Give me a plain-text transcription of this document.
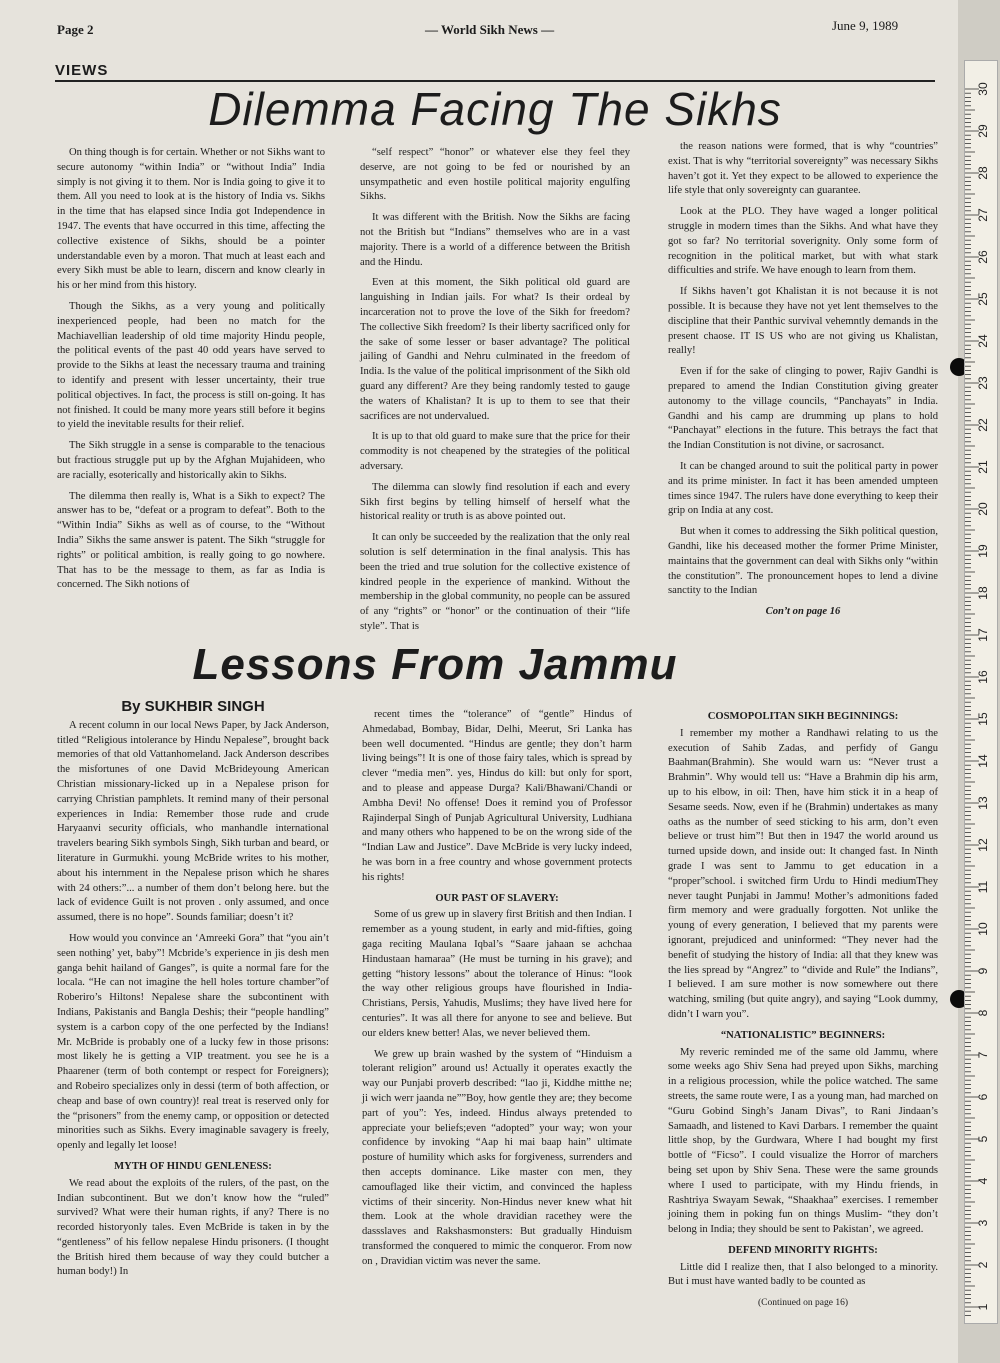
Page 2	— World Sikh News —	June 9, 1989
VIEWS
Dilemma Facing The Sikhs

On thing though is for certain. Whether or not Sikhs want to secure autonomy “within India” or “without India” India simply is not giving it to them. Nor is India going to give it to them. All you need to look at is the history of India vs. Sikhs in the time that has elapsed since India got Independence in 1947. The events that have occurred in this time, affecting the collective existence of Sikhs, should be a pointer understandable even by a moron. That much at least each and every Sikh must be able to learn, discern and know clearly in his or her mind from this history.

Though the Sikhs, as a very young and politically inexperienced people, had been no match for the Machiavellian leadership of old time majority Hindu people, the political events of the past 40 odd years have served to provide to the Sikhs at least the necessary trauma and training to identify and present with lesser uncertainty, their true political objectives. In fact, the process is still on-going. It has not finished. It could be many more years still before it begins to yield the inevitable results for their relief.

The Sikh struggle in a sense is comparable to the tenacious but fractious struggle put up by the Afghan Mujahideen, who are racially, esoterically and historically akin to Sikhs.

The dilemma then really is, What is a Sikh to expect? The answer has to be, “defeat or a program to defeat”. Both to the “Within India” Sikhs as well as of course, to the “Without India” Sikhs the same answer is patent. The Sikh “struggle for rights” or political ambition, is really going to go nowhere. That has to be the message to them, as far as India is concerned. The Sikh notions of

“self respect” “honor” or whatever else they feel they deserve, are not going to be fed or nourished by an unsympathetic and even hostile political majority engulfing Sikhs.

It was different with the British. Now the Sikhs are facing not the British but “Indians” themselves who are in a vast majority. There is a world of a difference between the British and the Hindu.

Even at this moment, the Sikh political old guard are languishing in Indian jails. For what? Is their ordeal by incarceration not to prove the love of the Sikh for freedom? The collective Sikh freedom? Is their liberty sacrificed only for the sake of some lesser or baser advantage? The political jailing of Gandhi and Nehru culminated in the freedom of India. Is the value of the political imprisonment of the Sikh old guard any different? Are they being randomly tested to gauge the waters of Khalistan? It is up to them to see that their sacrifices are not undervalued.

It is up to that old guard to make sure that the price for their commodity is not cheapened by the strategies of the political adversary.

The dilemma can slowly find resolution if each and every Sikh first begins by telling himself of herself what the historical reality or truth is as above pointed out.

It can only be succeeded by the realization that the only real solution is self determination in the final analysis. This has been the tried and true solution for the collective existence of kindred people in the experience of mankind. Without the membership in the global community, no people can be assured of any “rights” or “honor” or the continuation of their “life style”. That is

the reason nations were formed, that is why “countries” exist. That is why “territorial sovereignty” was necessary Sikhs haven’t got it. Yet they expect to be allowed to experience the life style that only sovereignty can guarantee.

Look at the PLO. They have waged a longer political struggle in modern times than the Sikhs. And what have they got so far? No territorial soverignity. Only some form of recognition in the political market, but with what stark difficulties and strife. We have enough to learn from them.

If Sikhs haven’t got Khalistan it is not because it is not possible. It is because they have not yet lent themselves to the discipline that their Panthic survival vehemntly demands in the present chaose. IT IS US who are not giving us Khalistan, really!

Even if for the sake of clinging to power, Rajiv Gandhi is prepared to amend the Indian Constitution giving greater autonomy to the village councils, “Panchayats” in India. Gandhi and his camp are drumming up plans to hold “Panchayat” elections in the future. This betrays the fact that the Indian Constitution is not divine, or sacrosanct.

It can be changed around to suit the political party in power and its prime minister. In fact it has been amended umpteen times since 1947. The rulers have done everything to keep their grip on India at any cost.

But when it comes to addressing the Sikh political question, Gandhi, like his deceased mother the former Prime Minister, maintains that the government can deal with Sikhs only “within the constitution”. The pronouncement hopes to lend a divine sanctity to the Indian

Con’t on page 16
Lessons From Jammu
By SUKHBIR SINGH

A recent column in our local News Paper, by Jack Anderson, titled “Religious intolerance by Hindu Nepalese”, brought back memories of that old Vattanhomeland. Jack Anderson describes the misfortunes of one David McBrideyoung American Christian missionary-licked up in a Nepalese prison for carrying Christian pamphlets. It remind many of their personal experiences in India: Remember those rude and crude Haryaanvi security officials, who manhandle international travelers bearing Sikh symbols Singh, Sikh turban and beard, or literature in Gurmukhi. young McBride writes to his mother, about his internment in the Nepalese prison which he shares with 24 others:”... a number of them don’t belong here. but the lack of evidence Guilt is not proven . only assumed, and once assumed, there is no hope”. Sounds familiar; doesn’t it?

How would you convince an ‘Amreeki Gora” that “you ain’t seen nothing’ yet, baby”! Mcbride’s experience in jis desh men ganga behit hailand of Ganges”, is quite a normal fare for the locala. “He can not imagine the hell holes torture chamber”of Roberiro’s Hiltons! Nepalese share the subcontinent with Indians, Pakistanis and Bangla Deshis; their “people handling” system is a carbon copy of the one perfected by the Indians! Mr. McBride is probably one of a lucky few in those prisons: most likely he is getting a VIP treatment. you see he is a Phaarener (term of both contempt or respect for Foreigners); and Robeiro specializes only in dessi (term of both affection, or cheap and base of own country)! real treat is reserved only for the “prisoners” from the enemy camp, or opposition or detected minorities such as Sikhs. Every imaginable savagery is freely, openly and legally let loose!

MYTH OF HINDU GENLENESS:

We read about the exploits of the rulers, of the past, on the Indian subcontinent. But we don’t know how the “ruled” survived? What were their human rights, if any? There is no recorded historyonly tales. Even McBride is taken in by the “gentleness” of his fellow nepalese Hindu prisoners. (I thought the British hired them because of way they could butcher a human body!) In

recent times the “tolerance” of “gentle” Hindus of Ahmedabad, Bombay, Bidar, Delhi, Meerut, Sri Lanka has been well documented. “Hindus are gentle; they don’t harm living beings”! It is one of those fairy tales, which is spread by clever “media men”. yes, Hindus do kill: but only for sport, and to please and appease Durga? Kali/Bhawani/Chandi or Ambha Devi! No offense! Does it remind you of Professor Rajinderpal Singh of Punjab Agricultural University, Ludhiana and many others who happened to be on the wrong side of the “Indian Law and Justice”. Dave McBride is very lucky indeed, he was born in a free country and whose government protects his rights!

OUR PAST OF SLAVERY:

Some of us grew up in slavery first British and then Indian. I remember as a young student, in early and mid-fifties, going gaga reciting Maulana Iqbal’s “Saare jahaan se achchaa Hindustaan hamaraa” (He must be turning in his grave); and getting “history lessons” about the tolerance of Hinus: “look the way other religious groups have flourished in India-Christians, Persis, Yahudis, Muslims; they have lived here for centuries”. It was all there for anyone to see and believe. But our elders knew better! Alas, we never believed them.

We grew up brain washed by the system of “Hinduism a tolerant religion” around us! Actually it operates exactly the way our Punjabi proverb described: “lao ji, Kiddhe mitthe ne; ji wich werr jaanda ne””Boy, how gentle they are; they become part of you”: Yes, indeed. Hindus always pretended to appreciate your beliefs;even “adopted” your way; won your confidence by invoking “Aap hi mai baap hain” ultimate posture of humility which asks for forgiveness, surrenders and then accepts dominance. Like master con men, they camouflaged like their victim, and convinced the hapless victims of their sincerity. Non-Hindus never knew what hit them. Look at the whole dravidian racethey were the dassslaves and Rakshasmonsters: But gradually Hinduism transformed the conquered to mimic the conqueror. From now on , Dravidian victim was never the same.

COSMOPOLITAN SIKH BEGINNINGS:

I remember my mother a Randhawi relating to us the execution of Sahib Zadas, and perfidy of Gangu Baahman(Brahmin). She would warn us: “Never trust a Brahmin”. Why would tell us: “Have a Brahmin dip his arm, up to his elbow, in oil: Then, have him stick it in a heap of Sesame seeds. Now, even if he (Brahmin) undertakes as many oaths as the number of seed sticking to his arm, don’t even believe or trust him”! But then in 1947 the world around us turned upside down, and inside out: It changed fast. In Ninth grade I was sent to Jammu to get education in a “proper”school. i switched firm Urdu to Hindi mediumThey never taught Punjabi in Jammu! Mother’s admonitions faded firm memory and were gradually forgotten. Not unlike the young of every generation, I believed that my parents were ignorant, prejudiced and uninformed: “They never had the benefit of studying the history of India: all that they knew was the lies spread by “Angrez” to “divide and Rule” the Indians”, I believed. I am sure mother is now somewhere out there watching, smiling (but quite angry), and saying “Look dummy, didn’t I warn you”.

“NATIONALISTIC” BEGINNERS:

My reveric reminded me of the same old Jammu, where some weeks ago Shiv Sena had preyed upon Sikhs, marching in a religious procession, while the police watched. The same streets, the same route were, I as a young man, had marched on “Guru Gobind Singh’s Janam Divas”, to Rani Jindaan’s Samaadh, and listened to Kavi Darbars. I remember the quaint little shop, by the Gurdwara, Where I had bought my first bottle of “Ficso”. I could visualize the Horror of marchers being set upon by Shiv Sena. These were the same grounds where I used to participate, with my Hindu friends, in Rashtriya Swayam Sewak, “Shaakhaa” exercises. I remember joining them in poking fun on things Muslim- “they don’t belong in India; they should be sent to Pakistan’, we agreed.

DEFEND MINORITY RIGHTS:

Little did I realize then, that I also belonged to a minority. But i must have wanted badly to be counted as

(Continued on page 16)
30
29
28
27
26
25
24
23
22
21
20
19
18
17
16
15
14
13
12
11
10
9
8
7
6
5
4
3
2
1
